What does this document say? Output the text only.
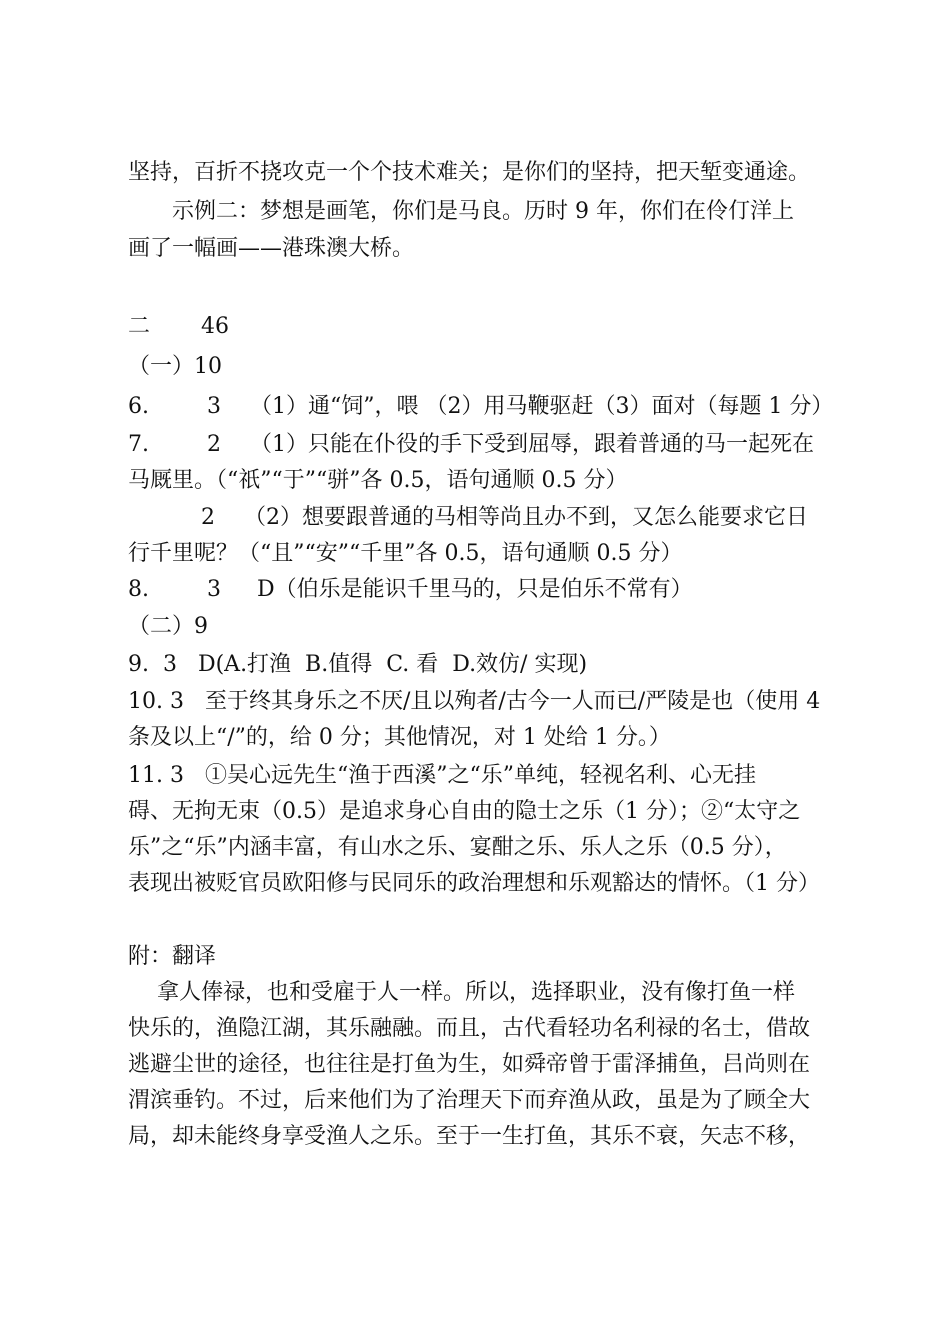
坚持，百折不挠攻克一个个技术难关；是你们的坚持，把天堑变通途。
　　示例二：梦想是画笔，你们是马良。历时 9 年，你们在伶仃洋上
画了一幅画——港珠澳大桥。
二　　 46
（一）10
6.　　  3　 （1）通“饲”，喂 （2）用马鞭驱赶（3）面对（每题 1 分）
7.　　  2　 （1）只能在仆役的手下受到屈辱，跟着普通的马一起死在
马厩里。（“祇”“于”“骈”各 0.5，语句通顺 0.5 分）
　　　 2　 （2）想要跟普通的马相等尚且办不到，又怎么能要求它日
行千里呢？（“且”“安”“千里”各 0.5，语句通顺 0.5 分）
8.　　  3　  D（伯乐是能识千里马的，只是伯乐不常有）
（二）9
9.  3   D(A.打渔  B.值得  C. 看  D.效仿/ 实现)
10. 3   至于终其身乐之不厌/且以殉者/古今一人而已/严陵是也（使用 4
条及以上“/”的，给 0 分；其他情况，对 1 处给 1 分。）
11. 3   ①吴心远先生“渔于西溪”之“乐”单纯，轻视名利、心无挂
碍、无拘无束（0.5）是追求身心自由的隐士之乐（1 分）；②“太守之
乐”之“乐”内涵丰富，有山水之乐、宴酣之乐、乐人之乐（0.5 分），
表现出被贬官员欧阳修与民同乐的政治理想和乐观豁达的情怀。（1 分）
附：翻译
　 拿人俸禄，也和受雇于人一样。所以，选择职业，没有像打鱼一样
快乐的，渔隐江湖，其乐融融。而且，古代看轻功名利禄的名士，借故
逃避尘世的途径，也往往是打鱼为生，如舜帝曾于雷泽捕鱼，吕尚则在
渭滨垂钓。不过，后来他们为了治理天下而弃渔从政，虽是为了顾全大
局，却未能终身享受渔人之乐。至于一生打鱼，其乐不衰，矢志不移，
